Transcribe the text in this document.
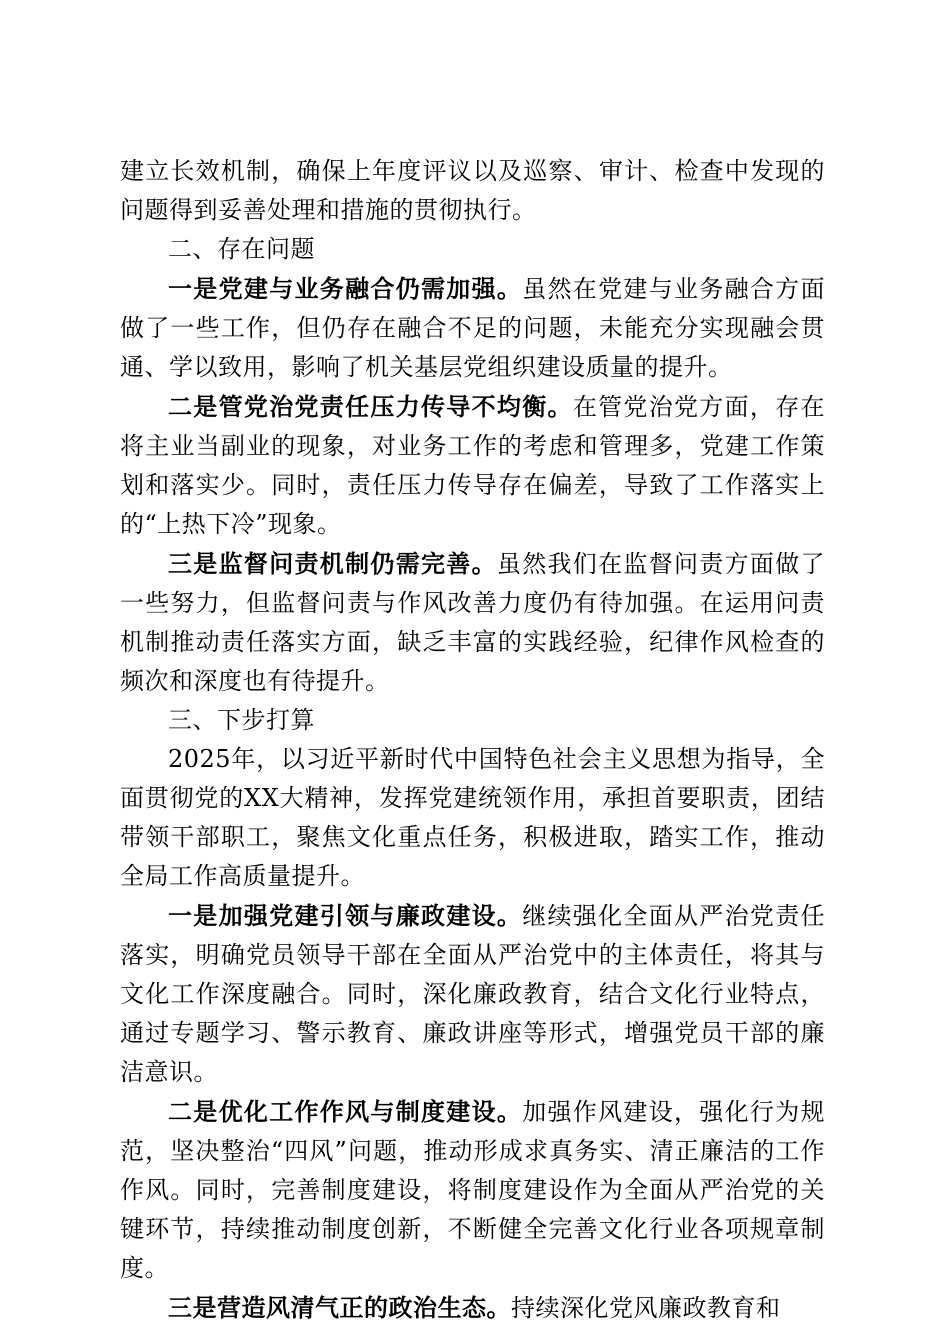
建立长效机制，确保上年度评议以及巡察、审计、检查中发现的问题得到妥善处理和措施的贯彻执行。

二、存在问题

一是党建与业务融合仍需加强。虽然在党建与业务融合方面做了一些工作，但仍存在融合不足的问题，未能充分实现融会贯通、学以致用，影响了机关基层党组织建设质量的提升。

二是管党治党责任压力传导不均衡。在管党治党方面，存在将主业当副业的现象，对业务工作的考虑和管理多，党建工作策划和落实少。同时，责任压力传导存在偏差，导致了工作落实上的“上热下冷”现象。

三是监督问责机制仍需完善。虽然我们在监督问责方面做了一些努力，但监督问责与作风改善力度仍有待加强。在运用问责机制推动责任落实方面，缺乏丰富的实践经验，纪律作风检查的频次和深度也有待提升。

三、下步打算

2025年，以习近平新时代中国特色社会主义思想为指导，全面贯彻党的XX大精神，发挥党建统领作用，承担首要职责，团结带领干部职工，聚焦文化重点任务，积极进取，踏实工作，推动全局工作高质量提升。

一是加强党建引领与廉政建设。继续强化全面从严治党责任落实，明确党员领导干部在全面从严治党中的主体责任，将其与文化工作深度融合。同时，深化廉政教育，结合文化行业特点，通过专题学习、警示教育、廉政讲座等形式，增强党员干部的廉洁意识。

二是优化工作作风与制度建设。加强作风建设，强化行为规范，坚决整治“四风”问题，推动形成求真务实、清正廉洁的工作作风。同时，完善制度建设，将制度建设作为全面从严治党的关键环节，持续推动制度创新，不断健全完善文化行业各项规章制度。

三是营造风清气正的政治生态。持续深化党风廉政教育和
